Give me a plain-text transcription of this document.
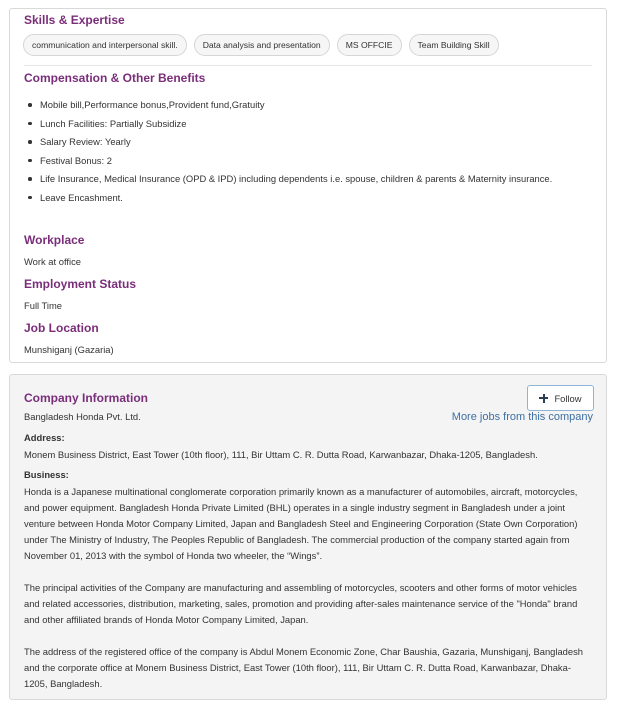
Skills & Expertise
communication and interpersonal skill.	Data analysis and presentation	MS OFFCIE	Team Building Skill
Compensation & Other Benefits
Mobile bill,Performance bonus,Provident fund,Gratuity
Lunch Facilities: Partially Subsidize
Salary Review: Yearly
Festival Bonus: 2
Life Insurance, Medical Insurance (OPD & IPD) including dependents i.e. spouse, children & parents & Maternity insurance.
Leave Encashment.
Workplace
Work at office
Employment Status
Full Time
Job Location
Munshiganj (Gazaria)
Company Information
Bangladesh Honda Pvt. Ltd.
Follow
More jobs from this company
Address:
Monem Business District, East Tower (10th floor), 111, Bir Uttam C. R. Dutta Road, Karwanbazar, Dhaka-1205, Bangladesh.
Business:

Honda is a Japanese multinational conglomerate corporation primarily known as a manufacturer of automobiles, aircraft, motorcycles, and power equipment. Bangladesh Honda Private Limited (BHL) operates in a single industry segment in Bangladesh under a joint venture between Honda Motor Company Limited, Japan and Bangladesh Steel and Engineering Corporation (State Own Corporation) under The Ministry of Industry, The Peoples Republic of Bangladesh. The commercial production of the company started again from November 01, 2013 with the symbol of Honda two wheeler, the “Wings”.

The principal activities of the Company are manufacturing and assembling of motorcycles, scooters and other forms of motor vehicles and related accessories, distribution, marketing, sales, promotion and providing after-sales maintenance service of the "Honda" brand and other affiliated brands of Honda Motor Company Limited, Japan.

The address of the registered office of the company is Abdul Monem Economic Zone, Char Baushia, Gazaria, Munshiganj, Bangladesh and the corporate office at Monem Business District, East Tower (10th floor), 111, Bir Uttam C. R. Dutta Road, Karwanbazar, Dhaka-1205, Bangladesh.
